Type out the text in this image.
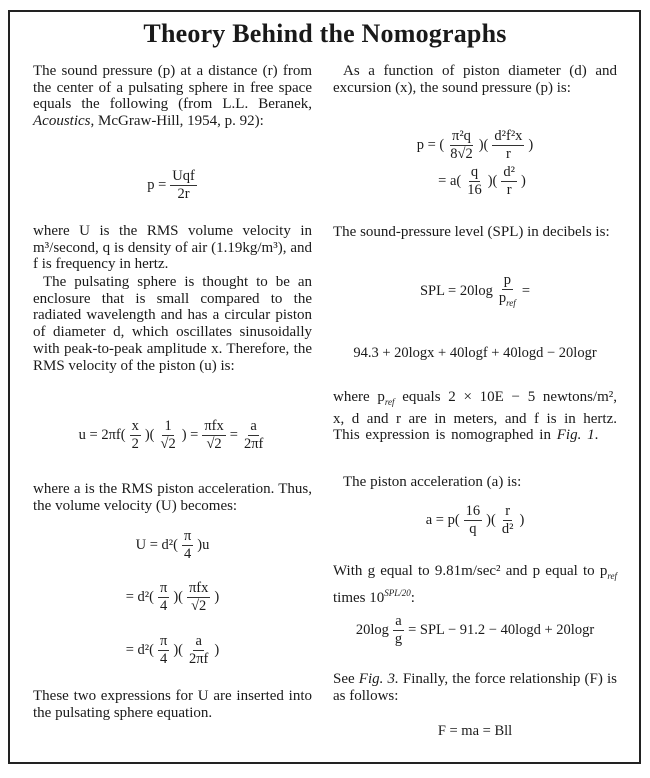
Theory Behind the Nomographs
The sound pressure (p) at a distance (r) from the center of a pulsating sphere in free space equals the following (from L.L. Beranek, Acoustics, McGraw-Hill, 1954, p. 92):
$p = \frac{\text{Uqf}}{2r}$
where U is the RMS volume velocity in m³/second, q is density of air (1.19kg/m³), and f is frequency in hertz.
The pulsating sphere is thought to be an enclosure that is small compared to the radiated wavelength and has a circular piston of diameter d, which oscillates sinusoidally with peak-to-peak amplitude x. Therefore, the RMS velocity of the piston (u) is:
$u = 2\pi f( \frac{x}{2}$ )( $\frac{1}{√2}$ ) = $\frac{\text{πfx}}{√2} = \frac{a}{2\pi f}$
where a is the RMS piston acceleration. Thus, the volume velocity (U) becomes:
$U = d^2( \frac{\pi}{4} )u$
= $d^2( \frac{\pi}{4}$ )( $\frac{\text{πfx}}{√2}$ )
= $d^2( \frac{\pi}{4}$ )( $\frac{a}{2\pi f}$ )
These two expressions for U are inserted into the pulsating sphere equation.
As a function of piston diameter (d) and excursion (x), the sound pressure (p) is:
p = ( $\frac{\text{π²q}}{8√2}$ )( $\frac{\text{d²f²x}}{r}$ )
= $a( \frac{q}{16}$ )( $\frac{\text{d²}}{r}$ )
The sound-pressure level (SPL) in decibels is:
SPL = $20\log \frac{p}{p_{ref}}$ =
94.3 + 20logx + 40logf + 40logd − 20logr
where $p_{ref}$ equals 2 × 10E − 5 newtons/m², x, d and r are in meters, and f is in hertz. This expression is nomographed in Fig. 1.
The piston acceleration (a) is:
$a = p( \frac{16}{q}$ )( $\frac{r}{\text{d²}}$ )
With g equal to 9.81m/sec² and p equal to $p_{ref}$ times $10^{SPL/20}$:
$20\log \frac{a}{g}$ = SPL − 91.2 − 40logd + 20logr
See Fig. 3. Finally, the force relationship (F) is as follows:
F = ma = Bll
